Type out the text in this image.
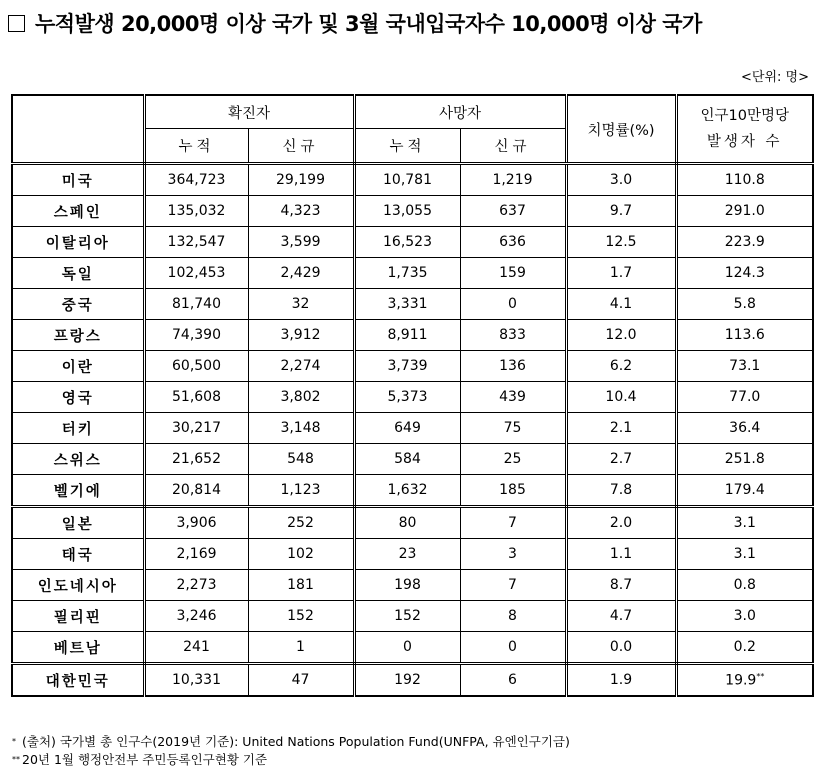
누적발생 20,000명 이상 국가 및 3월 국내입국자수 10,000명 이상 국가
<단위: 명>
	확진자		사망자		치명률(%)	인구10만명당
발생자 수

	누적	신규	누적	신규		
미국	364,723	29,199	10,781	1,219	3.0	110.8
스페인	135,032	4,323	13,055	637	9.7	291.0
이탈리아	132,547	3,599	16,523	636	12.5	223.9
독일	102,453	2,429	1,735	159	1.7	124.3
중국	81,740	32	3,331	0	4.1	5.8
프랑스	74,390	3,912	8,911	833	12.0	113.6
이란	60,500	2,274	3,739	136	6.2	73.1
영국	51,608	3,802	5,373	439	10.4	77.0
터키	30,217	3,148	649	75	2.1	36.4
스위스	21,652	548	584	25	2.7	251.8
벨기에	20,814	1,123	1,632	185	7.8	179.4
일본	3,906	252	80	7	2.0	3.1
태국	2,169	102	23	3	1.1	3.1
인도네시아	2,273	181	198	7	8.7	0.8
필리핀	3,246	152	152	8	4.7	3.0
베트남	241	1	0	0	0.0	0.2
대한민국	10,331	47	192	6	1.9	19.9**
* (출처) 국가별 총 인구수(2019년 기준): United Nations Population Fund(UNFPA, 유엔인구기금)
** 20년 1월 행정안전부 주민등록인구현황 기준
